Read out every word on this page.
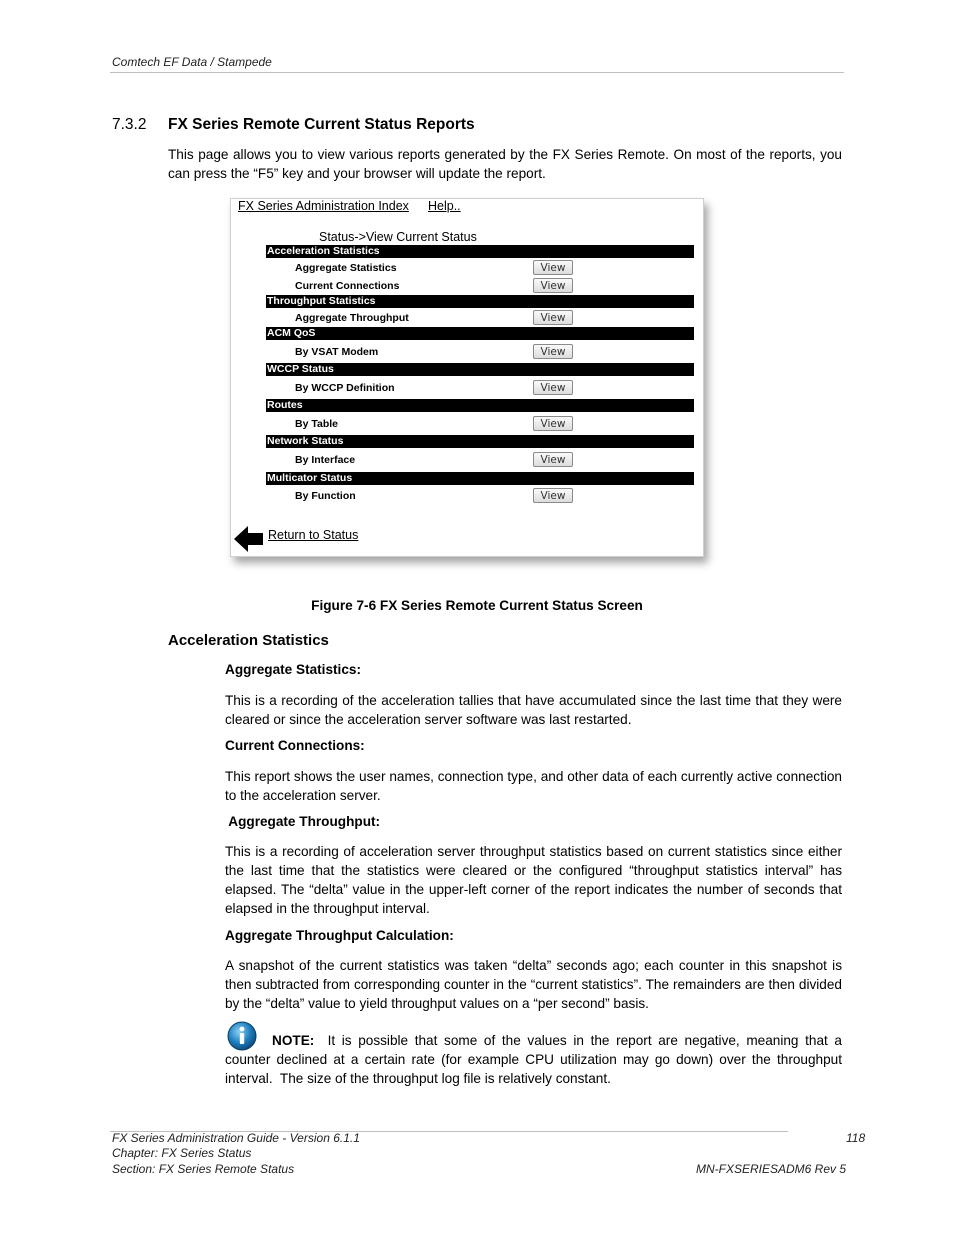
Comtech EF Data / Stampede
7.3.2 FX Series Remote Current Status Reports
This page allows you to view various reports generated by the FX Series Remote. On most of the reports, you can press the “F5” key and your browser will update the report.
FX Series Administration Index Help..
Status->View Current Status
Acceleration Statistics
Aggregate Statistics	View
Current Connections	View
Throughput Statistics
Aggregate Throughput	View
ACM QoS
By VSAT Modem	View
WCCP Status
By WCCP Definition	View
Routes
By Table	View
Network Status
By Interface	View
Multicator Status
By Function	View
Return to Status
Figure 7-6 FX Series Remote Current Status Screen
Acceleration Statistics
Aggregate Statistics:
This is a recording of the acceleration tallies that have accumulated since the last time that they were cleared or since the acceleration server software was last restarted.
Current Connections:
This report shows the user names, connection type, and other data of each currently active connection to the acceleration server.
Aggregate Throughput:
This is a recording of acceleration server throughput statistics based on current statistics since either the last time that the statistics were cleared or the configured “throughput statistics interval” has elapsed. The “delta” value in the upper-left corner of the report indicates the number of seconds that elapsed in the throughput interval.
Aggregate Throughput Calculation:
A snapshot of the current statistics was taken “delta” seconds ago; each counter in this snapshot is then subtracted from corresponding counter in the “current statistics”. The remainders are then divided by the “delta” value to yield throughput values on a “per second” basis.
NOTE:  It is possible that some of the values in the report are negative, meaning that a counter declined at a certain rate (for example CPU utilization may go down) over the throughput interval.  The size of the throughput log file is relatively constant.
FX Series Administration Guide - Version 6.1.1
Chapter: FX Series Status
Section: FX Series Remote Status
118
MN-FXSERIESADM6 Rev 5
